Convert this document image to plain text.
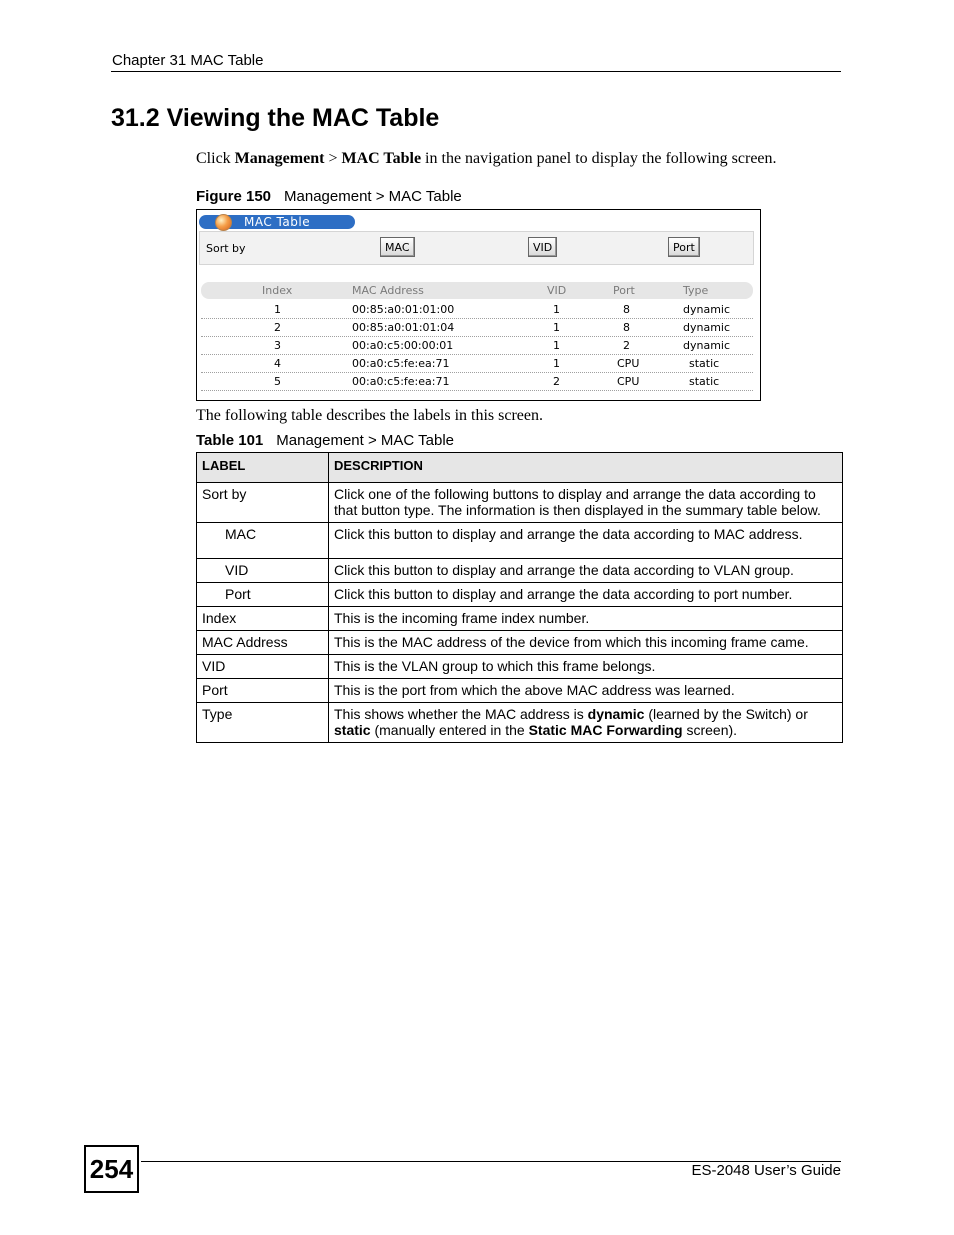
Chapter 31 MAC Table
31.2 Viewing the MAC Table
Click Management > MAC Table in the navigation panel to display the following screen.
Figure 150 Management > MAC Table
MAC Table
Sort by	MAC	VID	Port
Index	MAC Address	VID	Port	Type
1	00:85:a0:01:01:00	1	8	dynamic
2	00:85:a0:01:01:04	1	8	dynamic
3	00:a0:c5:00:00:01	1	2	dynamic
4	00:a0:c5:fe:ea:71	1	CPU	static
5	00:a0:c5:fe:ea:71	2	CPU	static
The following table describes the labels in this screen.
Table 101 Management > MAC Table
LABEL	DESCRIPTION
Sort by	Click one of the following buttons to display and arrange the data according to that button type. The information is then displayed in the summary table below.
MAC	Click this button to display and arrange the data according to MAC address.
VID	Click this button to display and arrange the data according to VLAN group.
Port	Click this button to display and arrange the data according to port number.
Index	This is the incoming frame index number.
MAC Address	This is the MAC address of the device from which this incoming frame came.
VID	This is the VLAN group to which this frame belongs.
Port	This is the port from which the above MAC address was learned.
Type	This shows whether the MAC address is dynamic (learned by the Switch) or static (manually entered in the Static MAC Forwarding screen).
254	ES-2048 User’s Guide
